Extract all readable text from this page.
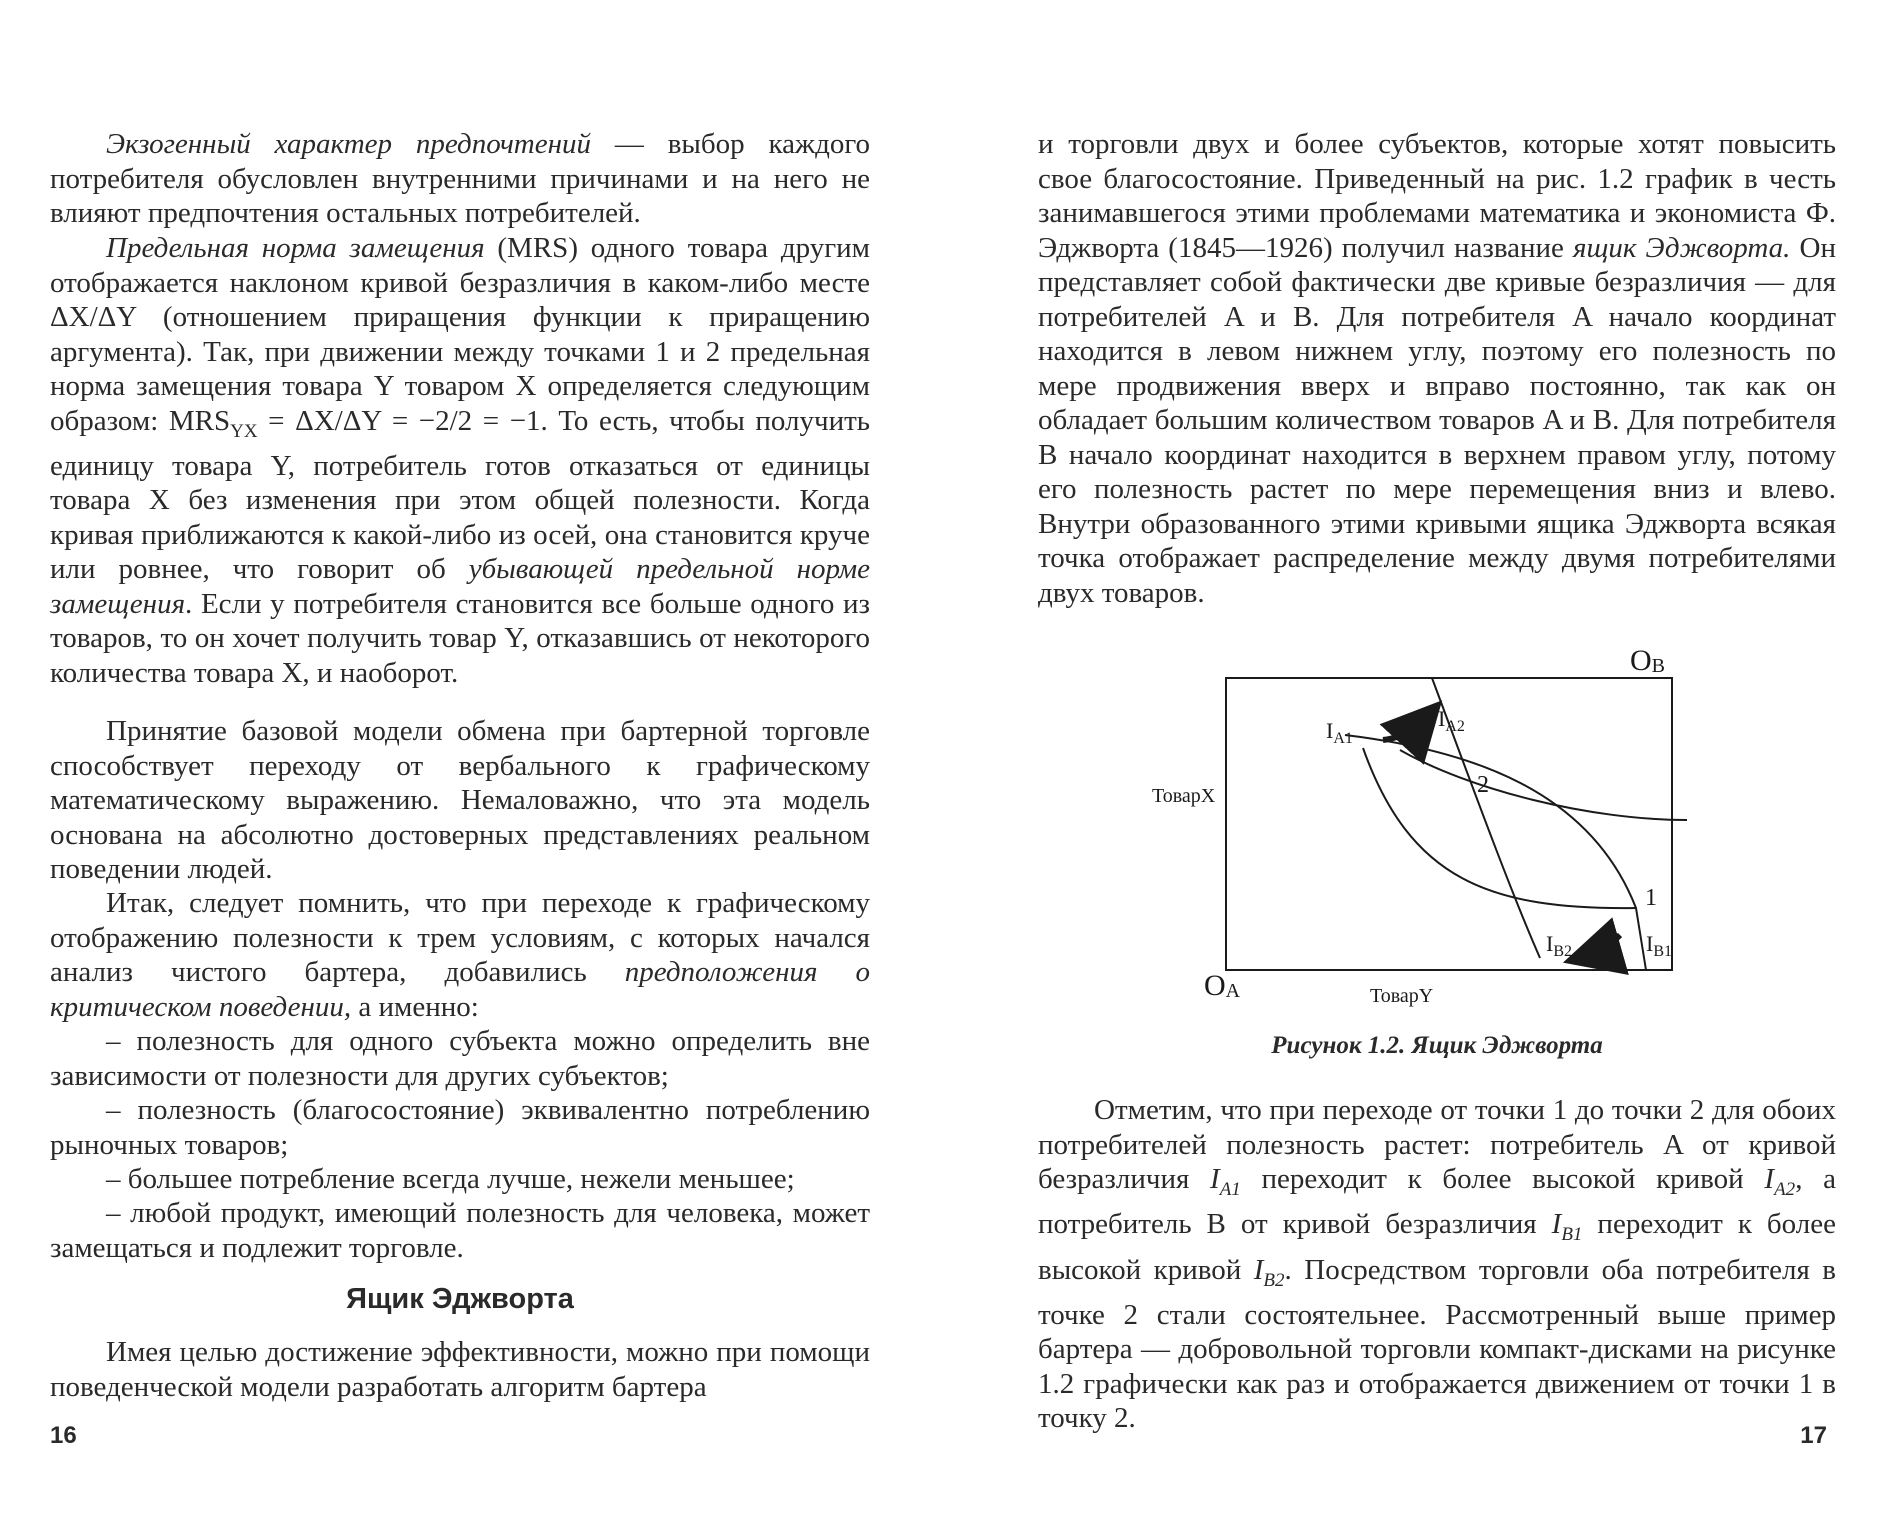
Экзогенный характер предпочтений — выбор каждого потребителя обусловлен внутренними причинами и на него не влияют предпочтения остальных потребителей.

Предельная норма замещения (MRS) одного товара другим отображается наклоном кривой безразличия в каком-либо месте ΔX/ΔY (отношением приращения функции к приращению аргумента). Так, при движении между точками 1 и 2 предельная норма замещения товара Y товаром X определяется следующим образом: $MRS_{YX} = \Delta X/\Delta Y = -2/2 = -1$. То есть, чтобы получить единицу товара Y, потребитель готов отказаться от единицы товара X без изменения при этом общей полезности. Когда кривая приближаются к какой-либо из осей, она становится круче или ровнее, что говорит об убывающей предельной норме замещения. Если у потребителя становится все больше одного из товаров, то он хочет получить товар Y, отказавшись от некоторого количества товара X, и наоборот.

Принятие базовой модели обмена при бартерной торговле способствует переходу от вербального к графическому математическому выражению. Немаловажно, что эта модель основана на абсолютно достоверных представлениях реальном поведении людей.

Итак, следует помнить, что при переходе к графическому отображению полезности к трем условиям, с которых начался анализ чистого бартера, добавились предположения о критическом поведении, а именно:

– полезность для одного субъекта можно определить вне зависимости от полезности для других субъектов;

– полезность (благосостояние) эквивалентно потреблению рыночных товаров;

– большее потребление всегда лучше, нежели меньшее;

– любой продукт, имеющий полезность для человека, может замещаться и подлежит торговле.

Ящик Эджворта

Имея целью достижение эффективности, можно при помощи поведенческой модели разработать алгоритм бартера

16

и торговли двух и более субъектов, которые хотят повысить свое благосостояние. Приведенный на рис. 1.2 график в честь занимавшегося этими проблемами математика и экономиста Ф. Эджворта (1845—1926) получил название ящик Эджворта. Он представляет собой фактически две кривые безразличия — для потребителей A и B. Для потребителя A начало координат находится в левом нижнем углу, поэтому его полезность по мере продвижения вверх и вправо постоянно, так как он обладает большим количеством товаров A и B. Для потребителя B начало координат находится в верхнем правом углу, потому его полезность растет по мере перемещения вниз и влево. Внутри образованного этими кривыми ящика Эджворта всякая точка отображает распределение между двумя потребителями двух товаров.

OB
OA
ТоварX
ТоварY
$I_{A1}$
$I_{A2}$
$I_{B1}$
$I_{B2}$
2
1

Рисунок 1.2. Ящик Эджворта

Отметим, что при переходе от точки 1 до точки 2 для обоих потребителей полезность растет: потребитель A от кривой безразличия $I_{A1}$ переходит к более высокой кривой $I_{A2}$, а потребитель B от кривой безразличия $I_{B1}$ переходит к более высокой кривой $I_{B2}$. Посредством торговли оба потребителя в точке 2 стали состоятельнее. Рассмотренный выше пример бартера — добровольной торговли компакт-дисками на рисунке 1.2 графически как раз и отображается движением от точки 1 в точку 2.

17
